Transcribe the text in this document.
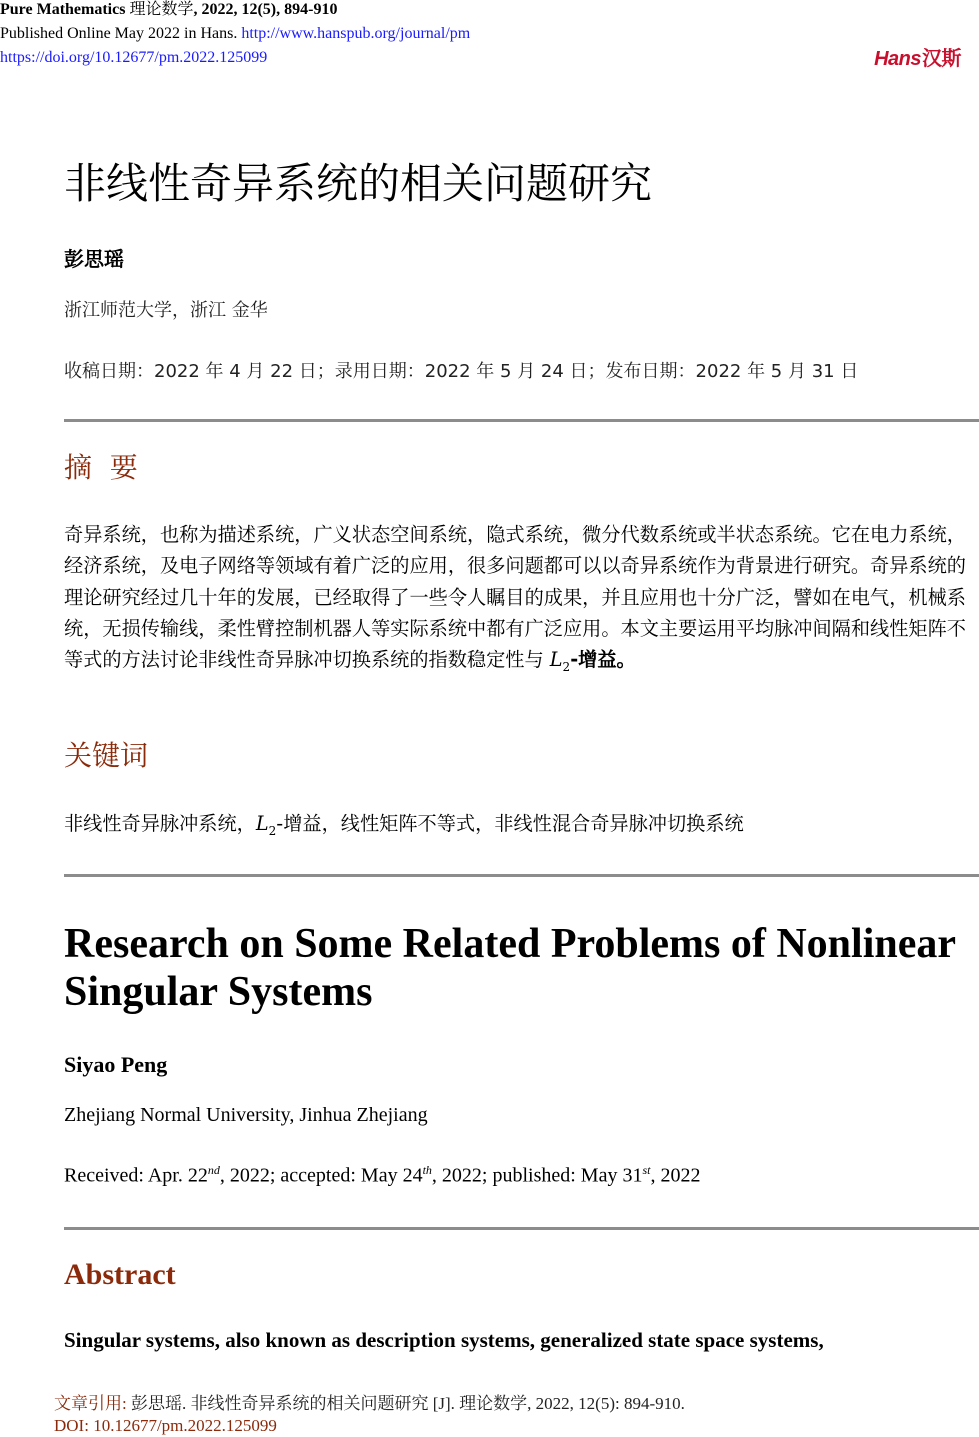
Pure Mathematics 理论数学, 2022, 12(5), 894-910
Published Online May 2022 in Hans. http://www.hanspub.org/journal/pm
https://doi.org/10.12677/pm.2022.125099	Hans汉斯
非线性奇异系统的相关问题研究
彭思瑶
浙江师范大学，浙江 金华
收稿日期：2022 年 4 月 22 日；录用日期：2022 年 5 月 24 日；发布日期：2022 年 5 月 31 日
摘  要
奇异系统，也称为描述系统，广义状态空间系统，隐式系统，微分代数系统或半状态系统。它在电力系统，经济系统，及电子网络等领域有着广泛的应用，很多问题都可以以奇异系统作为背景进行研究。奇异系统的理论研究经过几十年的发展，已经取得了一些令人瞩目的成果，并且应用也十分广泛，譬如在电气，机械系统，无损传输线，柔性臂控制机器人等实际系统中都有广泛应用。本文主要运用平均脉冲间隔和线性矩阵不等式的方法讨论非线性奇异脉冲切换系统的指数稳定性与 $L_2-$增益。
关键词
非线性奇异脉冲系统，$L_2-$增益，线性矩阵不等式，非线性混合奇异脉冲切换系统
Research on Some Related Problems of Nonlinear Singular Systems
Siyao Peng
Zhejiang Normal University, Jinhua Zhejiang
Received: Apr. 22nd, 2022; accepted: May 24th, 2022; published: May 31st, 2022
Abstract
Singular systems, also known as description systems, generalized state space systems,
文章引用: 彭思瑶. 非线性奇异系统的相关问题研究 [J]. 理论数学, 2022, 12(5): 894-910.
DOI: 10.12677/pm.2022.125099
